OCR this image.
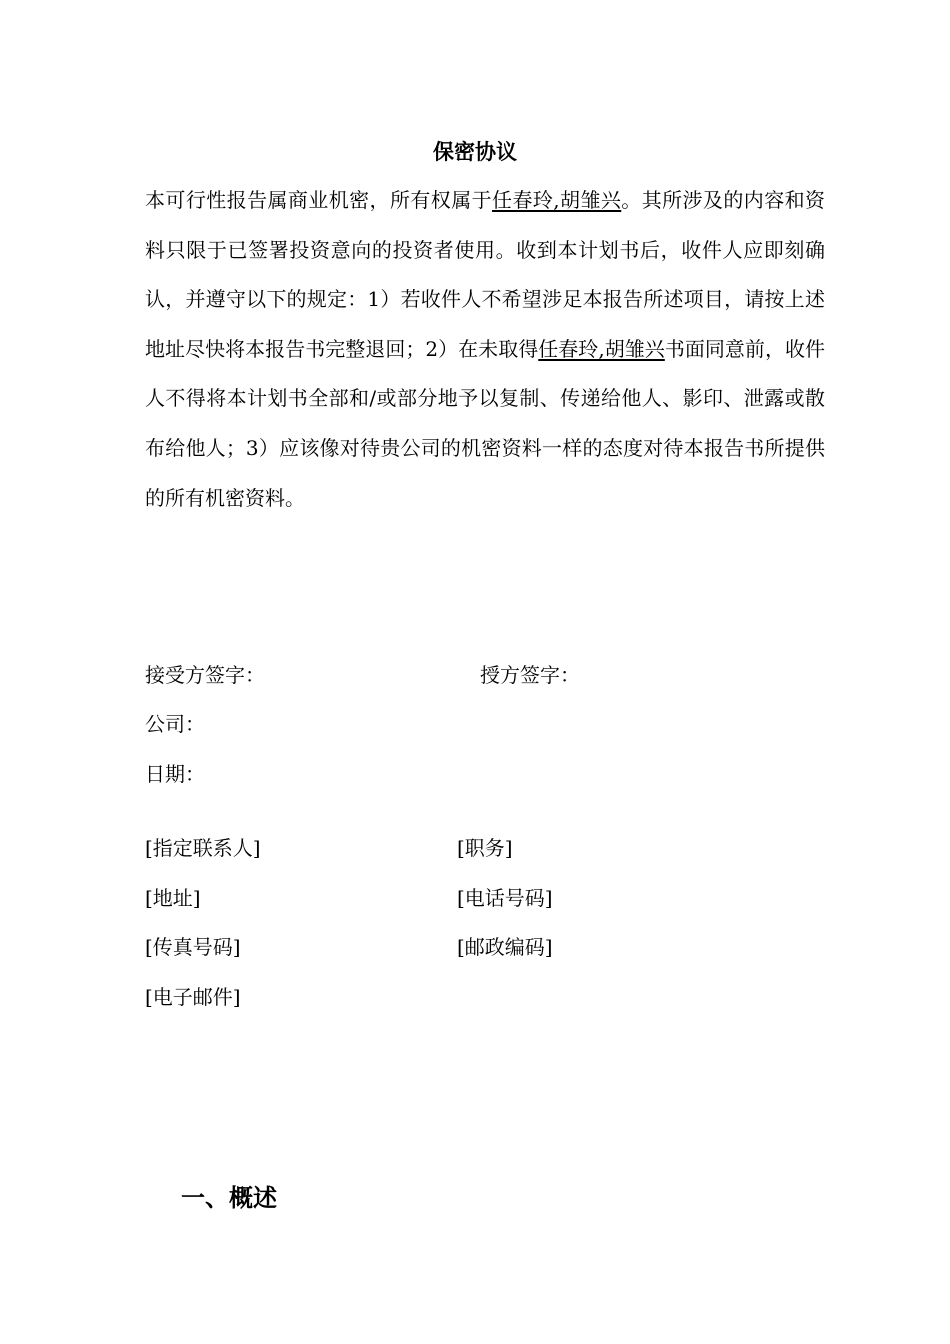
保密协议
本可行性报告属商业机密，所有权属于任春玲,胡雏兴。其所涉及的内容和资料只限于已签署投资意向的投资者使用。收到本计划书后，收件人应即刻确认，并遵守以下的规定：1）若收件人不希望涉足本报告所述项目，请按上述地址尽快将本报告书完整退回；2）在未取得任春玲,胡雏兴书面同意前，收件人不得将本计划书全部和/或部分地予以复制、传递给他人、影印、泄露或散布给他人；3）应该像对待贵公司的机密资料一样的态度对待本报告书所提供的所有机密资料。
接受方签字：	授方签字：
公司：
日期：
[指定联系人]	[职务]
[地址]	[电话号码]
[传真号码]	[邮政编码]
[电子邮件]
一、概述
